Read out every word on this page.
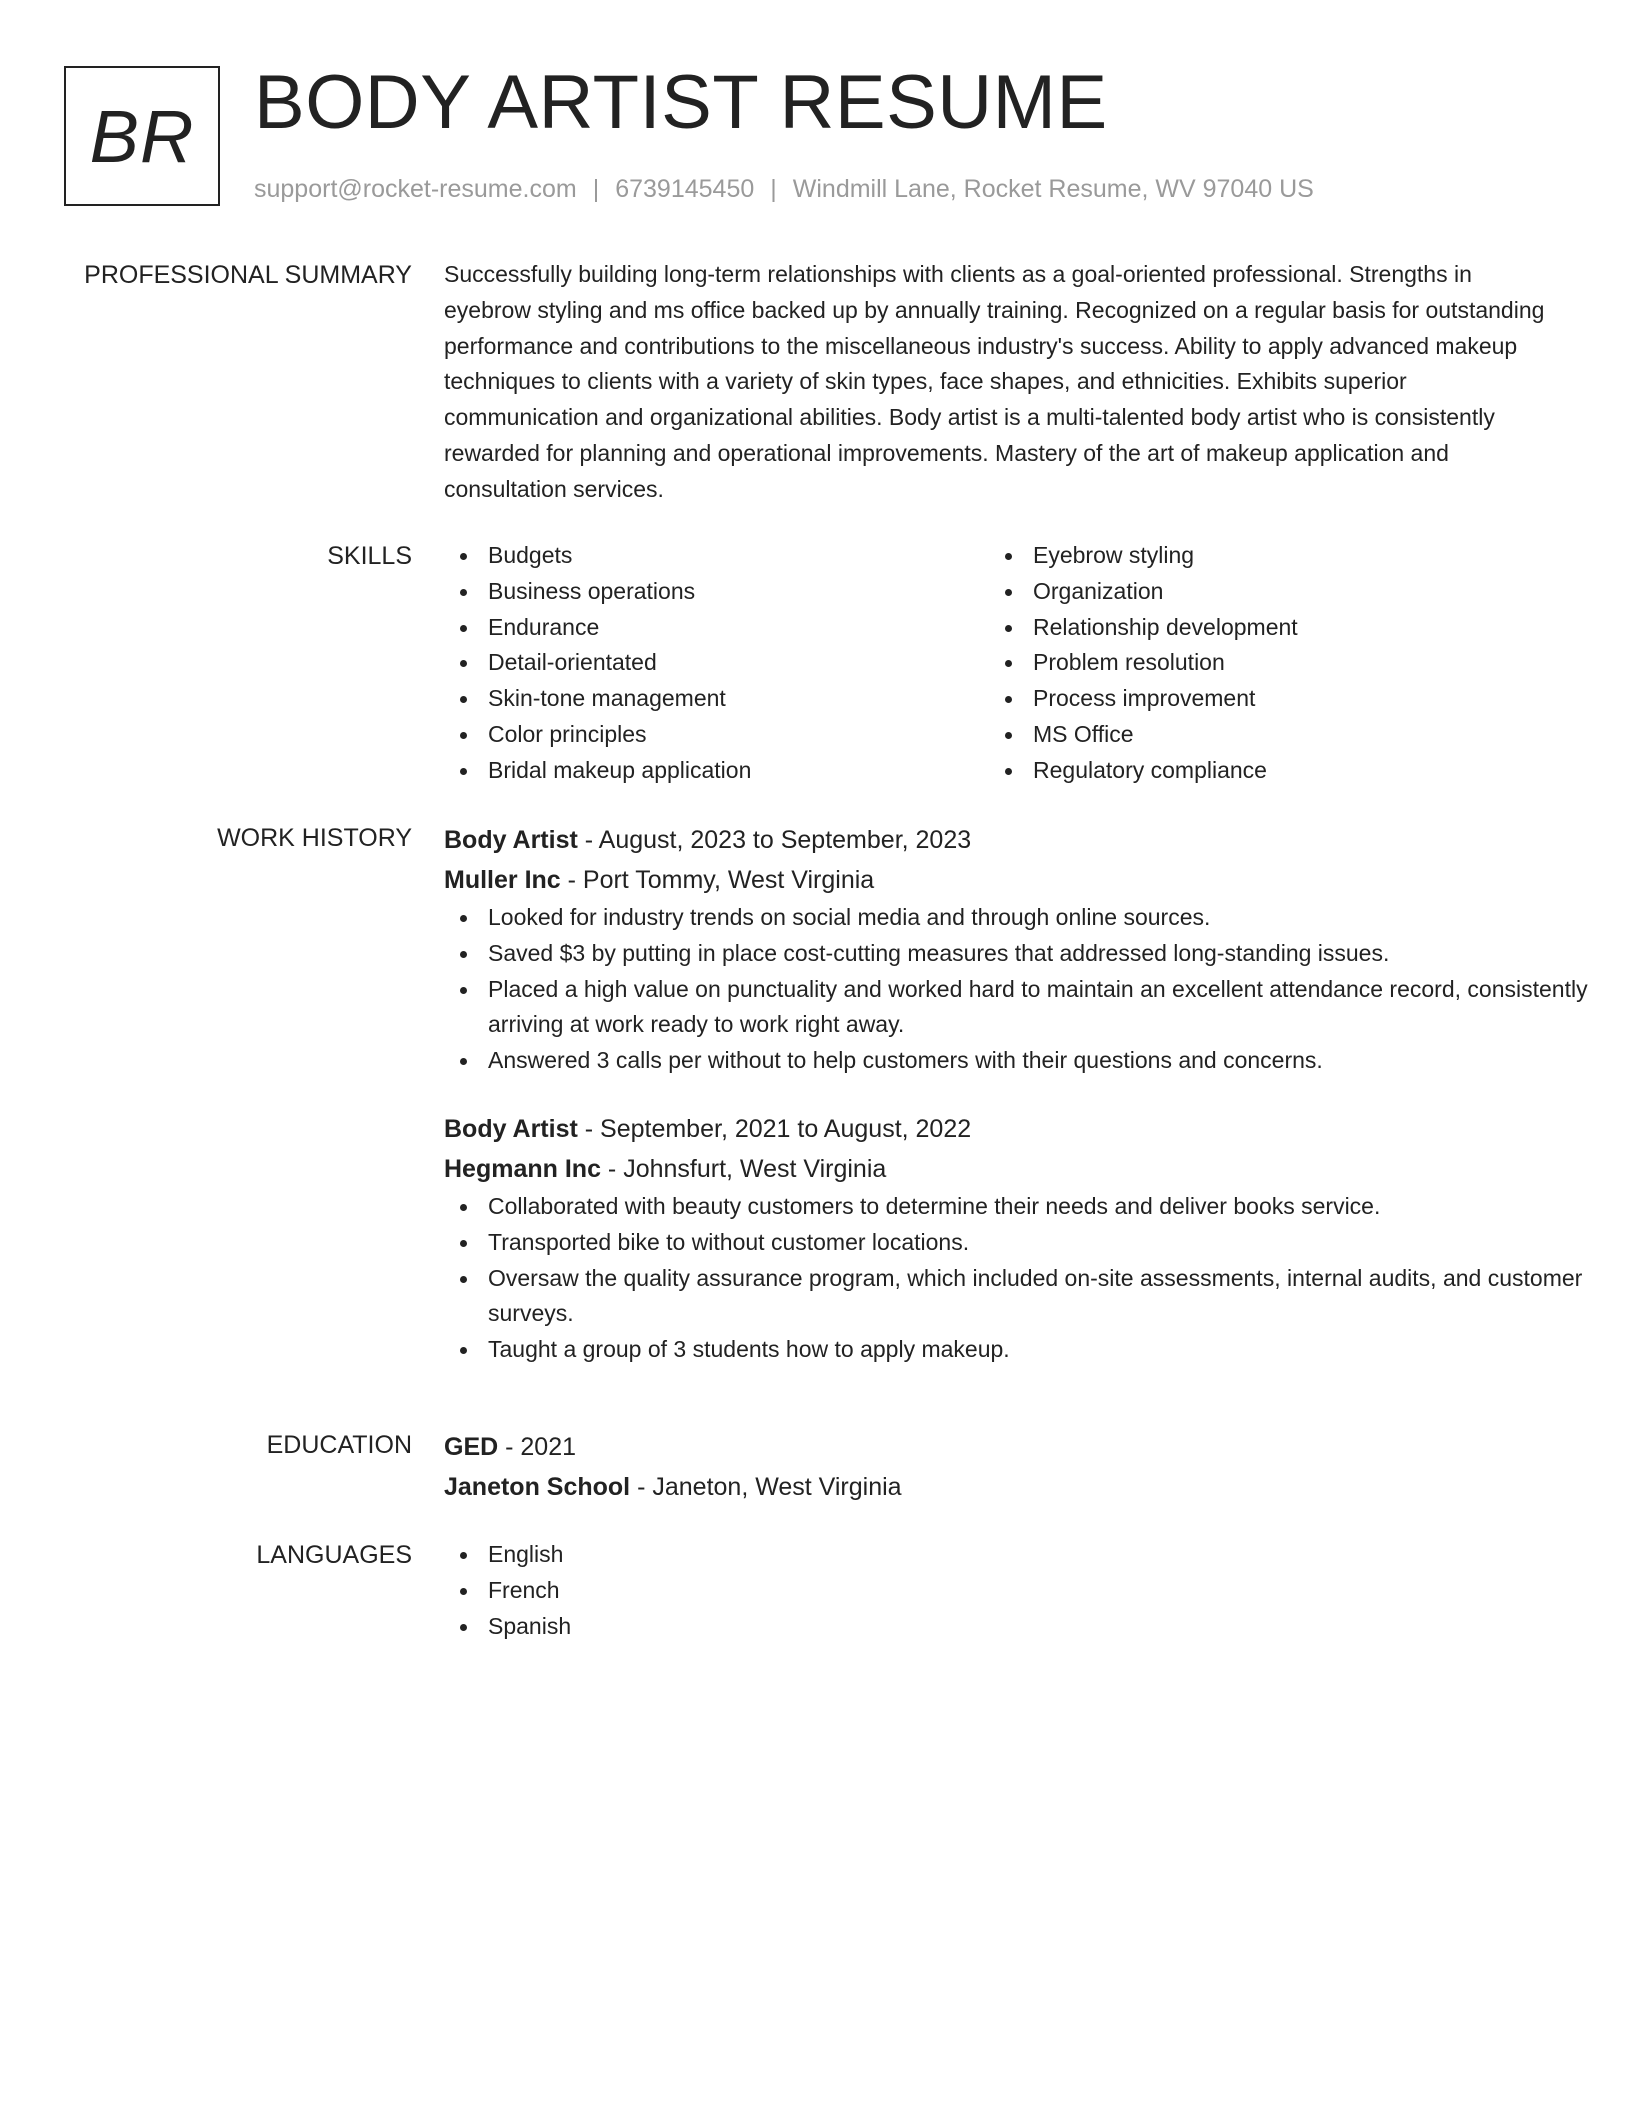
BR BODY ARTIST RESUME
support@rocket-resume.com | 6739145450 | Windmill Lane, Rocket Resume, WV 97040 US
PROFESSIONAL SUMMARY Successfully building long-term relationships with clients as a goal-oriented professional. Strengths in eyebrow styling and ms office backed up by annually training. Recognized on a regular basis for outstanding performance and contributions to the miscellaneous industry's success. Ability to apply advanced makeup techniques to clients with a variety of skin types, face shapes, and ethnicities. Exhibits superior communication and organizational abilities. Body artist is a multi-talented body artist who is consistently rewarded for planning and operational improvements. Mastery of the art of makeup application and consultation services.

SKILLS	Budgets
Business operations
Endurance
Detail-orientated
Skin-tone management
Color principles
Bridal makeup application
Eyebrow styling
Organization
Relationship development
Problem resolution
Process improvement
MS Office
Regulatory compliance
WORK HISTORY Body Artist - August, 2023 to September, 2023
Muller Inc - Port Tommy, West Virginia
Looked for industry trends on social media and through online sources.
Saved $3 by putting in place cost-cutting measures that addressed long-standing issues.
Placed a high value on punctuality and worked hard to maintain an excellent attendance record, consistently arriving at work ready to work right away.
Answered 3 calls per without to help customers with their questions and concerns.
Body Artist - September, 2021 to August, 2022
Hegmann Inc - Johnsfurt, West Virginia
Collaborated with beauty customers to determine their needs and deliver books service.
Transported bike to without customer locations.
Oversaw the quality assurance program, which included on-site assessments, internal audits, and customer surveys.
Taught a group of 3 students how to apply makeup.
EDUCATION GED - 2021
Janeton School - Janeton, West Virginia
LANGUAGES	English
French
Spanish
